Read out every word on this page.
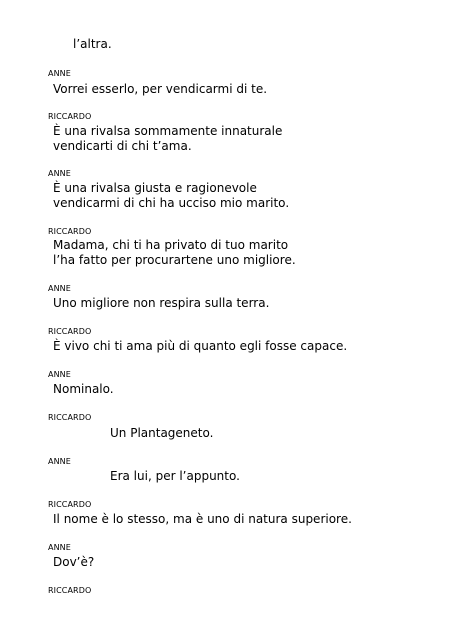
l’altra.
ANNE
Vorrei esserlo, per vendicarmi di te.
RICCARDO
È una rivalsa sommamente innaturale
vendicarti di chi t’ama.
ANNE
È una rivalsa giusta e ragionevole
vendicarmi di chi ha ucciso mio marito.
RICCARDO
Madama, chi ti ha privato di tuo marito
l’ha fatto per procurartene uno migliore.
ANNE
Uno migliore non respira sulla terra.
RICCARDO
È vivo chi ti ama più di quanto egli fosse capace.
ANNE
Nominalo.
RICCARDO
Un Plantageneto.
ANNE
Era lui, per l’appunto.
RICCARDO
Il nome è lo stesso, ma è uno di natura superiore.
ANNE
Dov’è?
RICCARDO
